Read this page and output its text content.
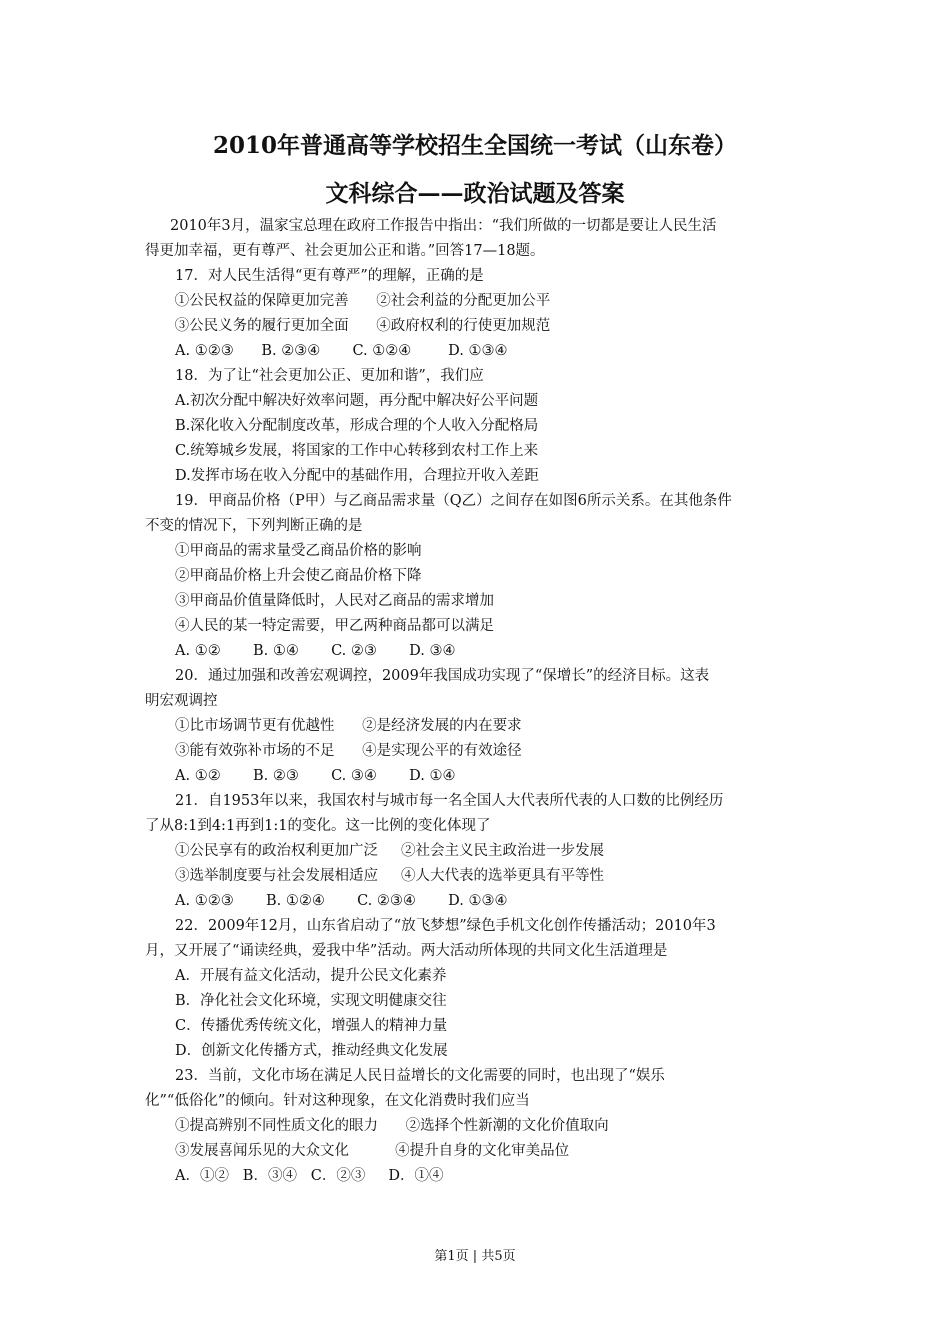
2010年普通高等学校招生全国统一考试（山东卷）
文科综合——政治试题及答案
2010年3月，温家宝总理在政府工作报告中指出：“我们所做的一切都是要让人民生活
得更加幸福，更有尊严、社会更加公正和谐。”回答17—18题。
17．对人民生活得“更有尊严”的理解，正确的是
①公民权益的保障更加完善      ②社会利益的分配更加公平
③公民义务的履行更加全面      ④政府权利的行使更加规范
A. ①②③      B. ②③④       C. ①②④        D. ①③④
18．为了让“社会更加公正、更加和谐”，我们应
A.初次分配中解决好效率问题，再分配中解决好公平问题
B.深化收入分配制度改革，形成合理的个人收入分配格局
C.统筹城乡发展，将国家的工作中心转移到农村工作上来
D.发挥市场在收入分配中的基础作用，合理拉开收入差距
19．甲商品价格（P甲）与乙商品需求量（Q乙）之间存在如图6所示关系。在其他条件
不变的情况下，下列判断正确的是
①甲商品的需求量受乙商品价格的影响
②甲商品价格上升会使乙商品价格下降
③甲商品价值量降低时，人民对乙商品的需求增加
④人民的某一特定需要，甲乙两种商品都可以满足
A. ①②       B. ①④       C. ②③       D. ③④
20．通过加强和改善宏观调控，2009年我国成功实现了“保增长”的经济目标。这表
明宏观调控
①比市场调节更有优越性      ②是经济发展的内在要求
③能有效弥补市场的不足      ④是实现公平的有效途径
A. ①②       B. ②③       C. ③④       D. ①④
21．自1953年以来，我国农村与城市每一名全国人大代表所代表的人口数的比例经历
了从8:1到4:1再到1:1的变化。这一比例的变化体现了
①公民享有的政治权利更加广泛     ②社会主义民主政治进一步发展
③选举制度要与社会发展相适应     ④人大代表的选举更具有平等性
A. ①②③       B. ①②④       C. ②③④       D. ①③④
22．2009年12月，山东省启动了“放飞梦想”绿色手机文化创作传播活动；2010年3
月，又开展了“诵读经典，爱我中华”活动。两大活动所体现的共同文化生活道理是
A．开展有益文化活动，提升公民文化素养
B．净化社会文化环境，实现文明健康交往
C．传播优秀传统文化，增强人的精神力量
D．创新文化传播方式，推动经典文化发展
23．当前，文化市场在满足人民日益增长的文化需要的同时，也出现了“娱乐
化”“低俗化”的倾向。针对这种现象，在文化消费时我们应当
①提高辨别不同性质文化的眼力      ②选择个性新潮的文化价值取向
③发展喜闻乐见的大众文化          ④提升自身的文化审美品位
A．①②   B．③④   C．②③     D．①④
第1页 | 共5页
